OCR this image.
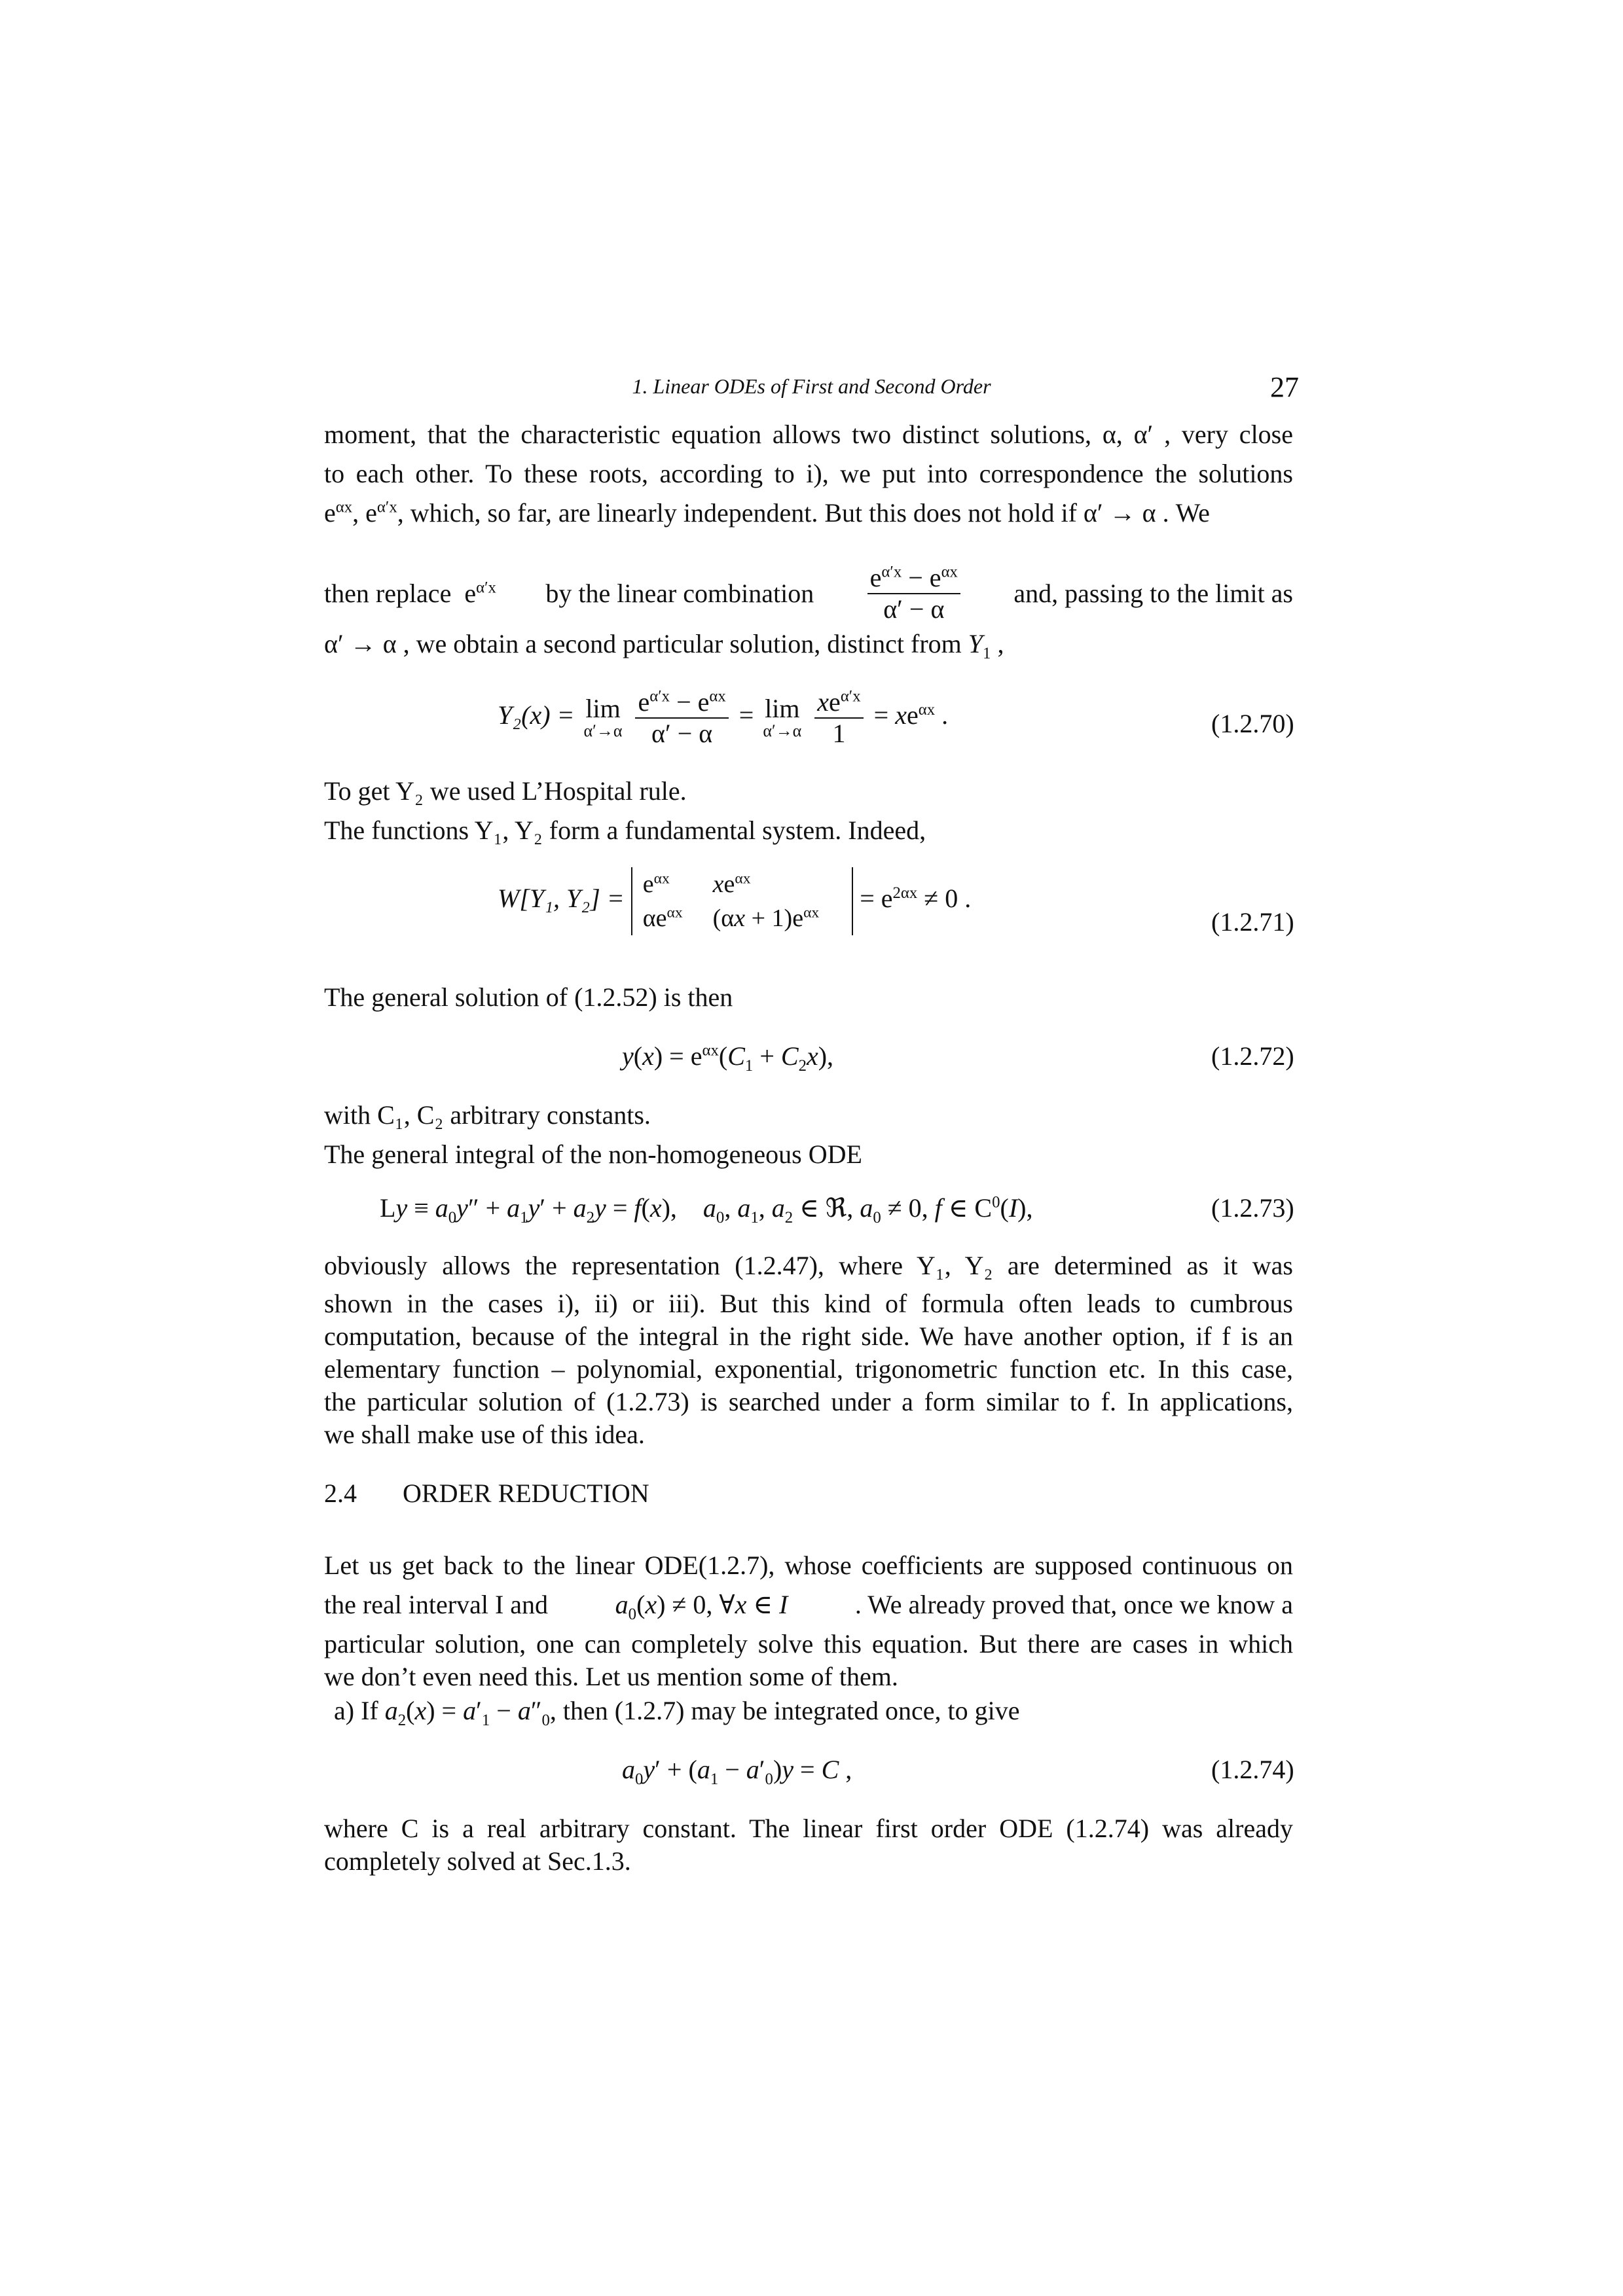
1. Linear ODEs of First and Second Order	27
moment, that the characteristic equation allows two distinct solutions, α, α′ , very close
to each other. To these roots, according to i), we put into correspondence the solutions
$e^{\alpha x}$, $e^{\alpha'x}$, which, so far, are linearly independent. But this does not hold if α′ → α . We
then replace  $e^{\alpha'x}$ by the linear combination $\frac{e^{\alpha'x} - e^{\alpha x}}{\alpha' - \alpha}$ and, passing to the limit as
α′ → α , we obtain a second particular solution, distinct from $Y_1$ ,
Y₂(x) = lim
α′→α
$\frac{e^{\alpha'x} - e^{\alpha x}}{\alpha' - \alpha} = \lim$
α′→α
$\frac{xe^{\alpha'x}}{1} = xe^{\alpha x}$ .	(1.2.70)
To get Y₂ we used L’Hospital rule.
The functions Y₁, Y₂ form a fundamental system. Indeed,
W[Y₁, $Y_2] = e^{\alpha x}$	$xe^{\alpha x}$
$\alpha e^{\alpha x}$	$(\alpha x + 1)e^{\alpha x} = e^{2\alpha x} \ne 0$ .
(1.2.71)
The general solution of (1.2.52) is then
$y(x) = e^{\alpha x}(C_1 + C_2x)$,	(1.2.72)
with C₁, C₂ arbitrary constants.
The general integral of the non-homogeneous ODE
$Ly \equiv a_0y'' + a_1y' + a_2y = f(x)$,    $a_0$, $a_1$, $a_2$ ∈ ℜ, $a_0 \ne 0$, f ∈ $C^0(I)$,	(1.2.73)
obviously allows the representation (1.2.47), where Y₁, Y₂ are determined as it was
shown in the cases i), ii) or iii). But this kind of formula often leads to cumbrous
computation, because of the integral in the right side. We have another option, if f is an
elementary function – polynomial, exponential, trigonometric function etc. In this case,
the particular solution of (1.2.73) is searched under a form similar to f. In applications,
we shall make use of this idea.
2.4 ORDER REDUCTION
Let us get back to the linear ODE(1.2.7), whose coefficients are supposed continuous on
the real interval I and	$a_0(x) \ne 0$, ∀x ∈ I	. We already proved that, once we know a
particular solution, one can completely solve this equation. But there are cases in which
we don’t even need this. Let us mention some of them.
a) If $a_2(x) = a'_1 - a''_0$, then (1.2.7) may be integrated once, to give
$a_0y' + (a_1 - a'_0)y = C$ ,	(1.2.74)
where C is a real arbitrary constant. The linear first order ODE (1.2.74) was already
completely solved at Sec.1.3.
